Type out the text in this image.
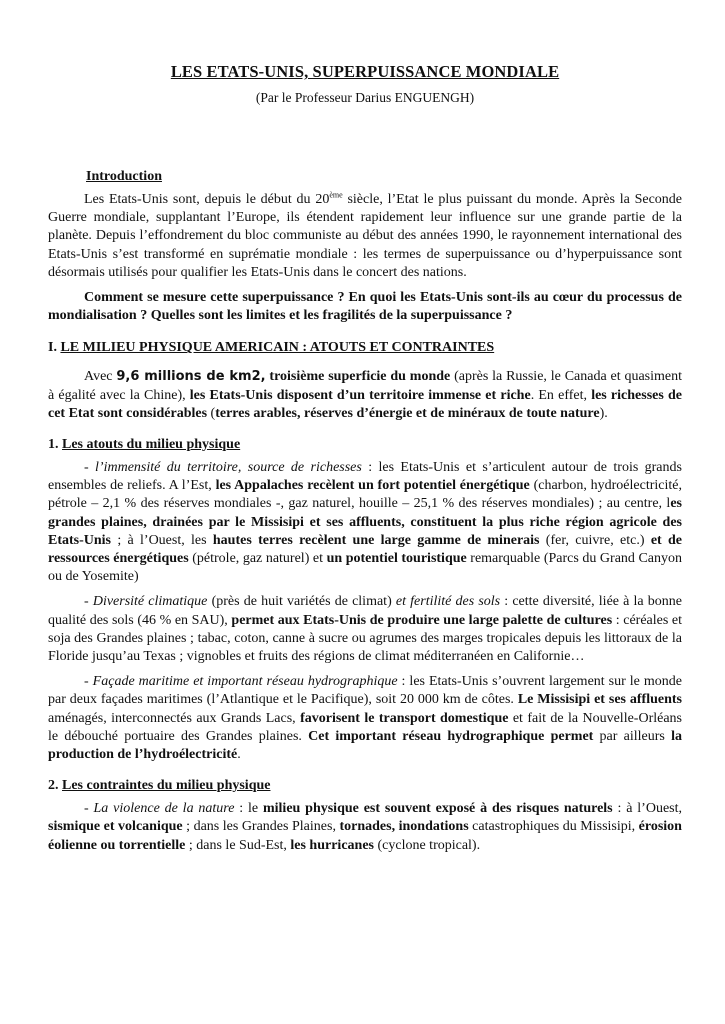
LES ETATS-UNIS, SUPERPUISSANCE MONDIALE
(Par le Professeur Darius ENGUENGH)
Introduction

Les Etats-Unis sont, depuis le début du 20ème siècle, l’Etat le plus puissant du monde. Après la Seconde Guerre mondiale, supplantant l’Europe, ils étendent rapidement leur influence sur une grande partie de la planète. Depuis l’effondrement du bloc communiste au début des années 1990, le rayonnement international des Etats-Unis s’est transformé en suprématie mondiale : les termes de superpuissance ou d’hyperpuissance sont désormais utilisés pour qualifier les Etats-Unis dans le concert des nations.

Comment se mesure cette superpuissance ? En quoi les Etats-Unis sont-ils au cœur du processus de mondialisation ? Quelles sont les limites et les fragilités de la superpuissance ?

I. LE MILIEU PHYSIQUE AMERICAIN : ATOUTS ET CONTRAINTES

Avec 9,6 millions de km2, troisième superficie du monde (après la Russie, le Canada et quasiment à égalité avec la Chine), les Etats-Unis disposent d’un territoire immense et riche. En effet, les richesses de cet Etat sont considérables (terres arables, réserves d’énergie et de minéraux de toute nature).

1. Les atouts du milieu physique

- l’immensité du territoire, source de richesses : les Etats-Unis et s’articulent autour de trois grands ensembles de reliefs. A l’Est, les Appalaches recèlent un fort potentiel énergétique (charbon, hydroélectricité, pétrole – 2,1 % des réserves mondiales -, gaz naturel, houille – 25,1 % des réserves mondiales) ; au centre, les grandes plaines, drainées par le Missisipi et ses affluents, constituent la plus riche région agricole des Etats-Unis ; à l’Ouest, les hautes terres recèlent une large gamme de minerais (fer, cuivre, etc.) et de ressources énergétiques (pétrole, gaz naturel) et un potentiel touristique remarquable (Parcs du Grand Canyon ou de Yosemite)

- Diversité climatique (près de huit variétés de climat) et fertilité des sols : cette diversité, liée à la bonne qualité des sols (46 % en SAU), permet aux Etats-Unis de produire une large palette de cultures : céréales et soja des Grandes plaines ; tabac, coton, canne à sucre ou agrumes des marges tropicales depuis les littoraux de la Floride jusqu’au Texas ; vignobles et fruits des régions de climat méditerranéen en Californie…

- Façade maritime et important réseau hydrographique : les Etats-Unis s’ouvrent largement sur le monde par deux façades maritimes (l’Atlantique et le Pacifique), soit 20 000 km de côtes. Le Missisipi et ses affluents aménagés, interconnectés aux Grands Lacs, favorisent le transport domestique et fait de la Nouvelle-Orléans le débouché portuaire des Grandes plaines. Cet important réseau hydrographique permet par ailleurs la production de l’hydroélectricité.

2. Les contraintes du milieu physique

- La violence de la nature : le milieu physique est souvent exposé à des risques naturels : à l’Ouest, sismique et volcanique ; dans les Grandes Plaines, tornades, inondations catastrophiques du Missisipi, érosion éolienne ou torrentielle ; dans le Sud-Est, les hurricanes (cyclone tropical).
